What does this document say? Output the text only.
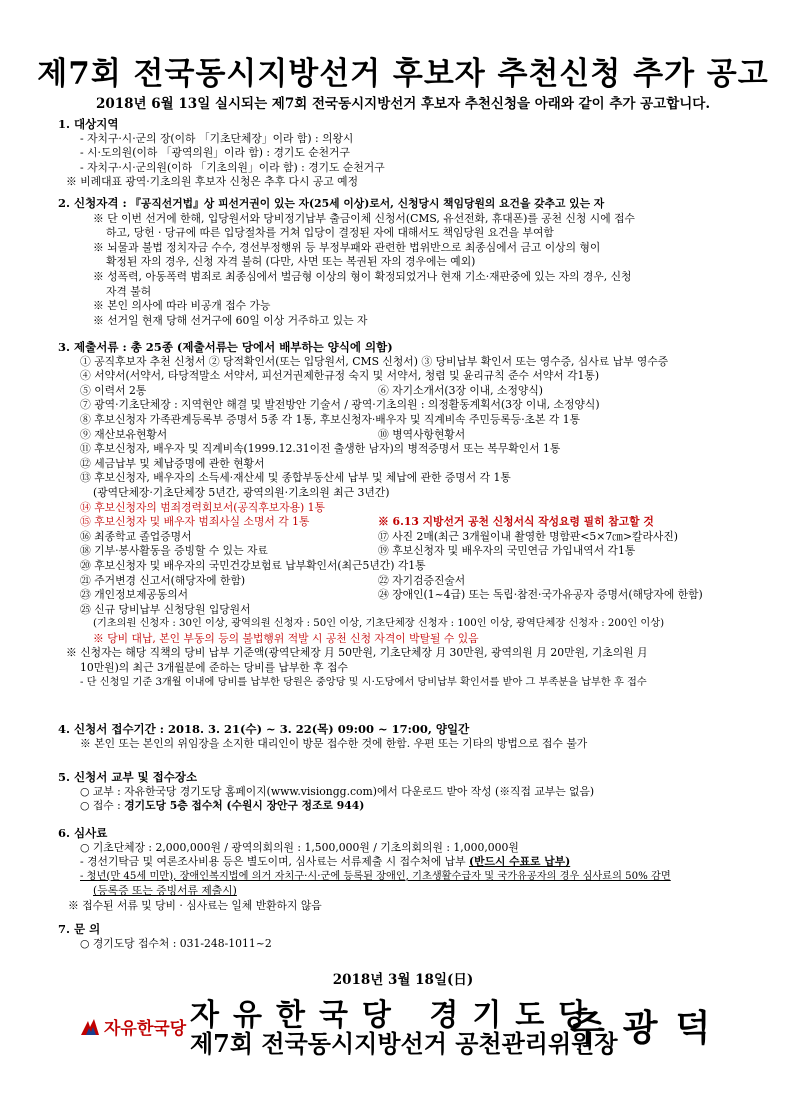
제7회 전국동시지방선거 후보자 추천신청 추가 공고
2018년 6월 13일 실시되는 제7회 전국동시지방선거 후보자 추천신청을 아래와 같이 추가 공고합니다.
1. 대상지역
- 자치구·시·군의 장(이하 「기초단체장」이라 함) : 의왕시
- 시·도의원(이하 「광역의원」이라 함) : 경기도 순천거구
- 자치구·시·군의원(이하 「기초의원」이라 함) : 경기도 순천거구
※ 비례대표 광역·기초의원 후보자 신청은 추후 다시 공고 예정
2. 신청자격 : 『공직선거법』상 피선거권이 있는 자(25세 이상)로서, 신청당시 책임당원의 요건을 갖추고 있는 자
※ 단 이번 선거에 한해, 입당원서와 당비정기납부 출금이체 신청서(CMS, 유선전화, 휴대폰)를 공천 신청 시에 접수
하고, 당헌 · 당규에 따른 입당절차를 거쳐 입당이 결정된 자에 대해서도 책임당원 요건을 부여함
※ 뇌물과 불법 정치자금 수수, 경선부정행위 등 부정부패와 관련한 법위반으로 최종심에서 금고 이상의 형이
확정된 자의 경우, 신청 자격 불허 (다만, 사면 또는 복권된 자의 경우에는 예외)
※ 성폭력, 아동폭력 범죄로 최종심에서 벌금형 이상의 형이 확정되었거나 현재 기소·재판중에 있는 자의 경우, 신청
자격 불허
※ 본인 의사에 따라 비공개 접수 가능
※ 선거일 현재 당해 선거구에 60일 이상 거주하고 있는 자
3. 제출서류 : 총 25종 (제출서류는 당에서 배부하는 양식에 의함)
① 공직후보자 추천 신청서 ② 당적확인서(또는 입당원서, CMS 신청서) ③ 당비납부 확인서 또는 영수증, 심사료 납부 영수증
④ 서약서(서약서, 타당적말소 서약서, 피선거권제한규정 숙지 및 서약서, 청렴 및 윤리규칙 준수 서약서 각1통)
⑤ 이력서 2통	⑥ 자기소개서(3장 이내, 소정양식)
⑦ 광역·기초단체장 : 지역현안 해결 및 발전방안 기술서 / 광역·기초의원 : 의정활동계획서(3장 이내, 소정양식)
⑧ 후보신청자 가족관계등록부 증명서 5종 각 1통, 후보신청자·배우자 및 직계비속 주민등록등·초본 각 1통
⑨ 재산보유현황서	⑩ 병역사항현황서
⑪ 후보신청자, 배우자 및 직계비속(1999.12.31이전 출생한 남자)의 병적증명서 또는 복무확인서 1통
⑫ 세금납부 및 체납증명에 관한 현황서
⑬ 후보신청자, 배우자의 소득세·재산세 및 종합부동산세 납부 및 체납에 관한 증명서 각 1통
(광역단체장·기초단체장 5년간, 광역의원·기초의원 최근 3년간)
⑭ 후보신청자의 범죄경력회보서(공직후보자용) 1통
⑮ 후보신청자 및 배우자 범죄사실 소명서 각 1통	※ 6.13 지방선거 공천 신청서식 작성요령 필히 참고할 것
⑯ 최종학교 졸업증명서	⑰ 사진 2매(최근 3개월이내 촬영한 명함판<5×7㎝>칼라사진)
⑱ 기부·봉사활동을 증빙할 수 있는 자료	⑲ 후보신청자 및 배우자의 국민연금 가입내역서 각1통
⑳ 후보신청자 및 배우자의 국민건강보험료 납부확인서(최근5년간) 각1통
㉑ 주거변경 신고서(해당자에 한함)	㉒ 자기검증진술서
㉓ 개인정보제공동의서	㉔ 장애인(1~4급) 또는 독립·참전·국가유공자 증명서(해당자에 한함)
㉕ 신규 당비납부 신청당원 입당원서
(기초의원 신청자 : 30인 이상, 광역의원 신청자 : 50인 이상, 기초단체장 신청자 : 100인 이상, 광역단체장 신청자 : 200인 이상)
※ 당비 대납, 본인 부동의 등의 불법행위 적발 시 공천 신청 자격이 박탈될 수 있음
※ 신청자는 해당 직책의 당비 납부 기준액(광역단체장 月 50만원, 기초단체장 月 30만원, 광역의원 月 20만원, 기초의원 月
10만원)의 최근 3개월분에 준하는 당비를 납부한 후 접수
- 단 신청일 기준 3개월 이내에 당비를 납부한 당원은 중앙당 및 시·도당에서 당비납부 확인서를 받아 그 부족분을 납부한 후 접수
4. 신청서 접수기간 : 2018. 3. 21(수) ~ 3. 22(목) 09:00 ~ 17:00, 양일간
※ 본인 또는 본인의 위임장을 소지한 대리인이 방문 접수한 것에 한함. 우편 또는 기타의 방법으로 접수 불가
5. 신청서 교부 및 접수장소
○ 교부 : 자유한국당 경기도당 홈페이지(www.visiongg.com)에서 다운로드 받아 작성 (※직접 교부는 없음)
○ 접수 : 경기도당 5층 접수처 (수원시 장안구 정조로 944)
6. 심사료
○ 기초단체장 : 2,000,000원 / 광역의회의원 : 1,500,000원 / 기초의회의원 : 1,000,000원
- 경선기탁금 및 여론조사비용 등은 별도이며, 심사료는 서류제출 시 접수처에 납부 (반드시 수표로 납부)
- 청년(만 45세 미만), 장애인복지법에 의거 자치구·시·군에 등록된 장애인, 기초생활수급자 및 국가유공자의 경우 심사료의 50% 감면
(등록증 또는 증빙서류 제출시)
※ 접수된 서류 및 당비 · 심사료는 일체 반환하지 않음
7. 문 의
○ 경기도당 접수처 : 031-248-1011~2
2018년 3월 18일(日)
자유한국당 자유한국당 경기도당
제7회 전국동시지방선거 공천관리위원장
주광덕
